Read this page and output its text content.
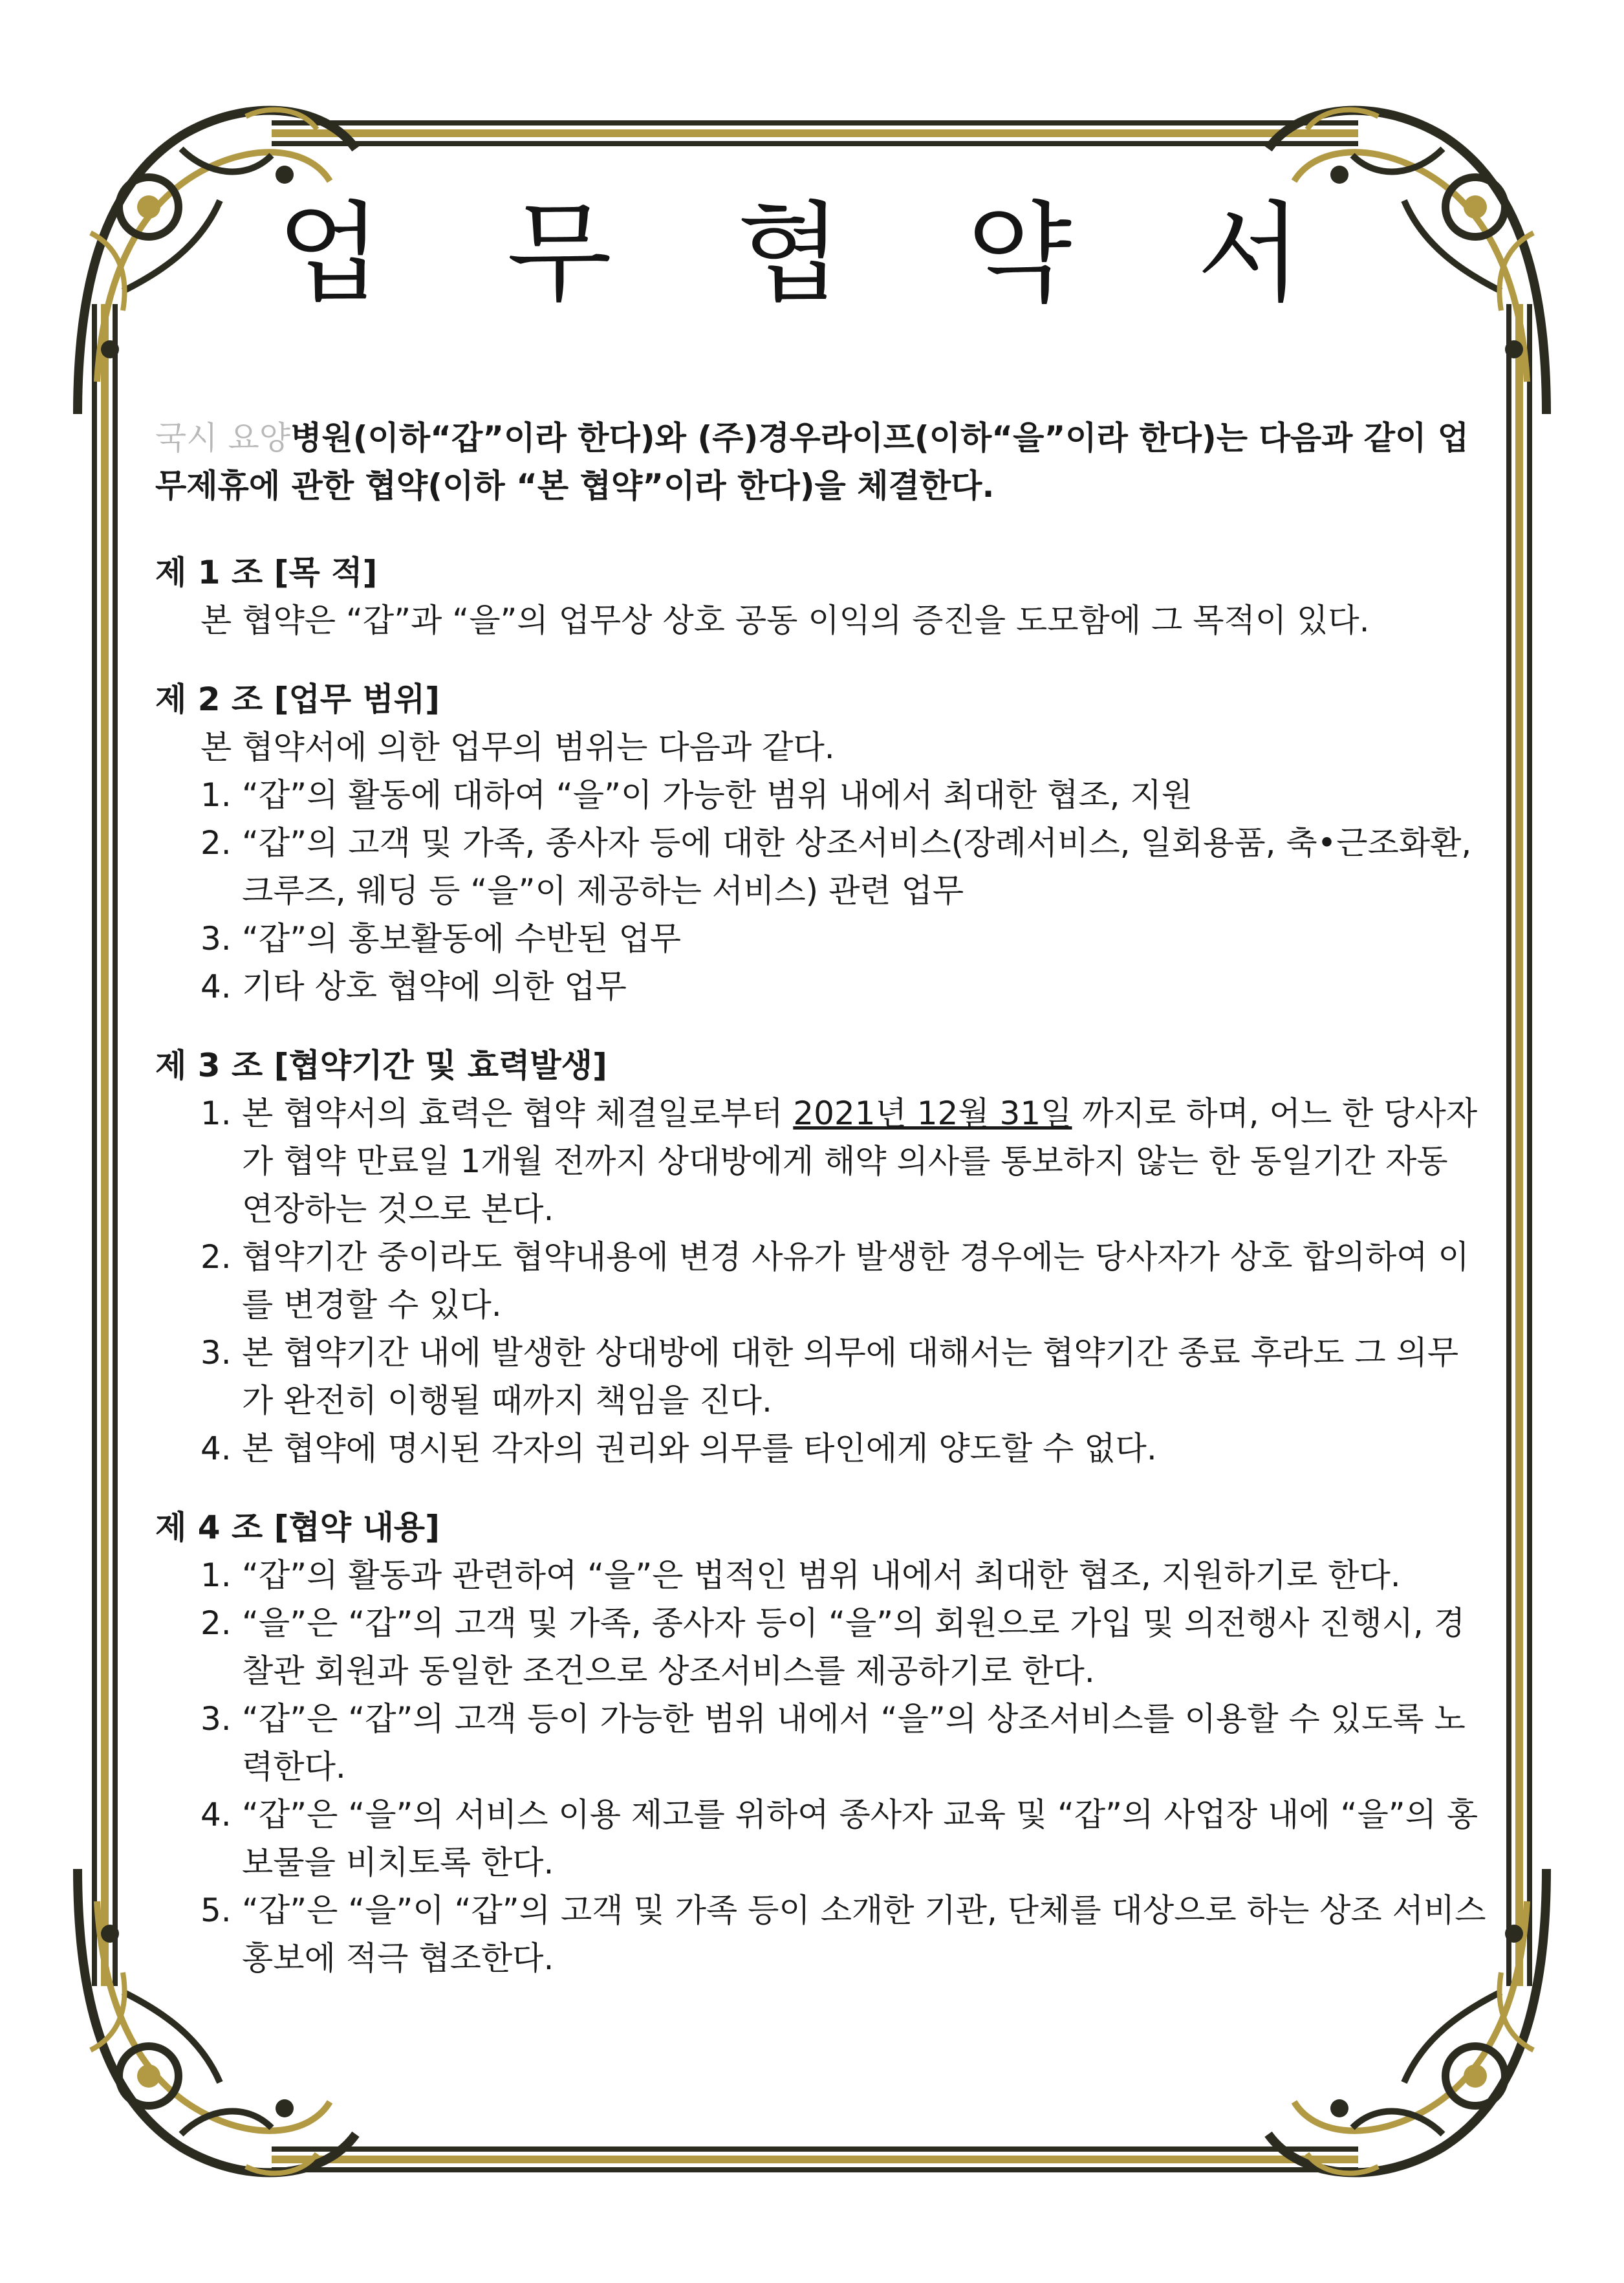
업 무 협 약 서
국시 요양병원(이하“갑”이라 한다)와 (주)경우라이프(이하“을”이라 한다)는 다음과 같이 업무제휴에 관한 협약(이하 “본 협약”이라 한다)을 체결한다.
제 1 조 [목 적]
본 협약은 “갑”과 “을”의 업무상 상호 공동 이익의 증진을 도모함에 그 목적이 있다.
제 2 조 [업무 범위]
본 협약서에 의한 업무의 범위는 다음과 같다.
1. “갑”의 활동에 대하여 “을”이 가능한 범위 내에서 최대한 협조, 지원
2. “갑”의 고객 및 가족, 종사자 등에 대한 상조서비스(장례서비스, 일회용품, 축•근조화환, 크루즈, 웨딩 등 “을”이 제공하는 서비스) 관련 업무
3. “갑”의 홍보활동에 수반된 업무
4. 기타 상호 협약에 의한 업무
제 3 조 [협약기간 및 효력발생]
1. 본 협약서의 효력은 협약 체결일로부터 2021년 12월 31일 까지로 하며, 어느 한 당사자가 협약 만료일 1개월 전까지 상대방에게 해약 의사를 통보하지 않는 한 동일기간 자동 연장하는 것으로 본다.
2. 협약기간 중이라도 협약내용에 변경 사유가 발생한 경우에는 당사자가 상호 합의하여 이를 변경할 수 있다.
3. 본 협약기간 내에 발생한 상대방에 대한 의무에 대해서는 협약기간 종료 후라도 그 의무가 완전히 이행될 때까지 책임을 진다.
4. 본 협약에 명시된 각자의 권리와 의무를 타인에게 양도할 수 없다.
제 4 조 [협약 내용]
1. “갑”의 활동과 관련하여 “을”은 법적인 범위 내에서 최대한 협조, 지원하기로 한다.
2. “을”은 “갑”의 고객 및 가족, 종사자 등이 “을”의 회원으로 가입 및 의전행사 진행시, 경찰관 회원과 동일한 조건으로 상조서비스를 제공하기로 한다.
3. “갑”은 “갑”의 고객 등이 가능한 범위 내에서 “을”의 상조서비스를 이용할 수 있도록 노력한다.
4. “갑”은 “을”의 서비스 이용 제고를 위하여 종사자 교육 및 “갑”의 사업장 내에 “을”의 홍보물을 비치토록 한다.
5. “갑”은 “을”이 “갑”의 고객 및 가족 등이 소개한 기관, 단체를 대상으로 하는 상조 서비스 홍보에 적극 협조한다.
